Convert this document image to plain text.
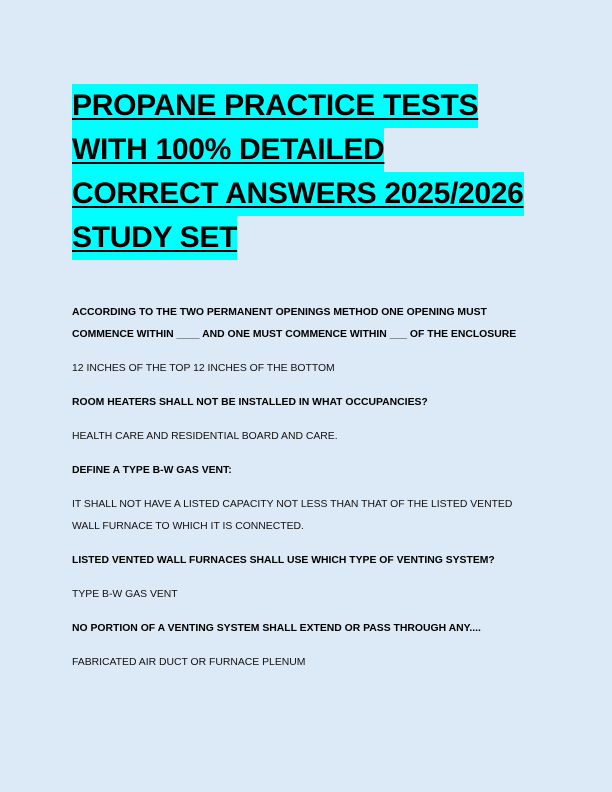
PROPANE PRACTICE TESTS
WITH 100% DETAILED
CORRECT ANSWERS 2025/2026
STUDY SET

ACCORDING TO THE TWO PERMANENT OPENINGS METHOD ONE OPENING MUST COMMENCE WITHIN ____ AND ONE MUST COMMENCE WITHIN ___ OF THE ENCLOSURE

12 INCHES OF THE TOP 12 INCHES OF THE BOTTOM

ROOM HEATERS SHALL NOT BE INSTALLED IN WHAT OCCUPANCIES?

HEALTH CARE AND RESIDENTIAL BOARD AND CARE.

DEFINE A TYPE B-W GAS VENT:

IT SHALL NOT HAVE A LISTED CAPACITY NOT LESS THAN THAT OF THE LISTED VENTED WALL FURNACE TO WHICH IT IS CONNECTED.

LISTED VENTED WALL FURNACES SHALL USE WHICH TYPE OF VENTING SYSTEM?

TYPE B-W GAS VENT

NO PORTION OF A VENTING SYSTEM SHALL EXTEND OR PASS THROUGH ANY....

FABRICATED AIR DUCT OR FURNACE PLENUM
